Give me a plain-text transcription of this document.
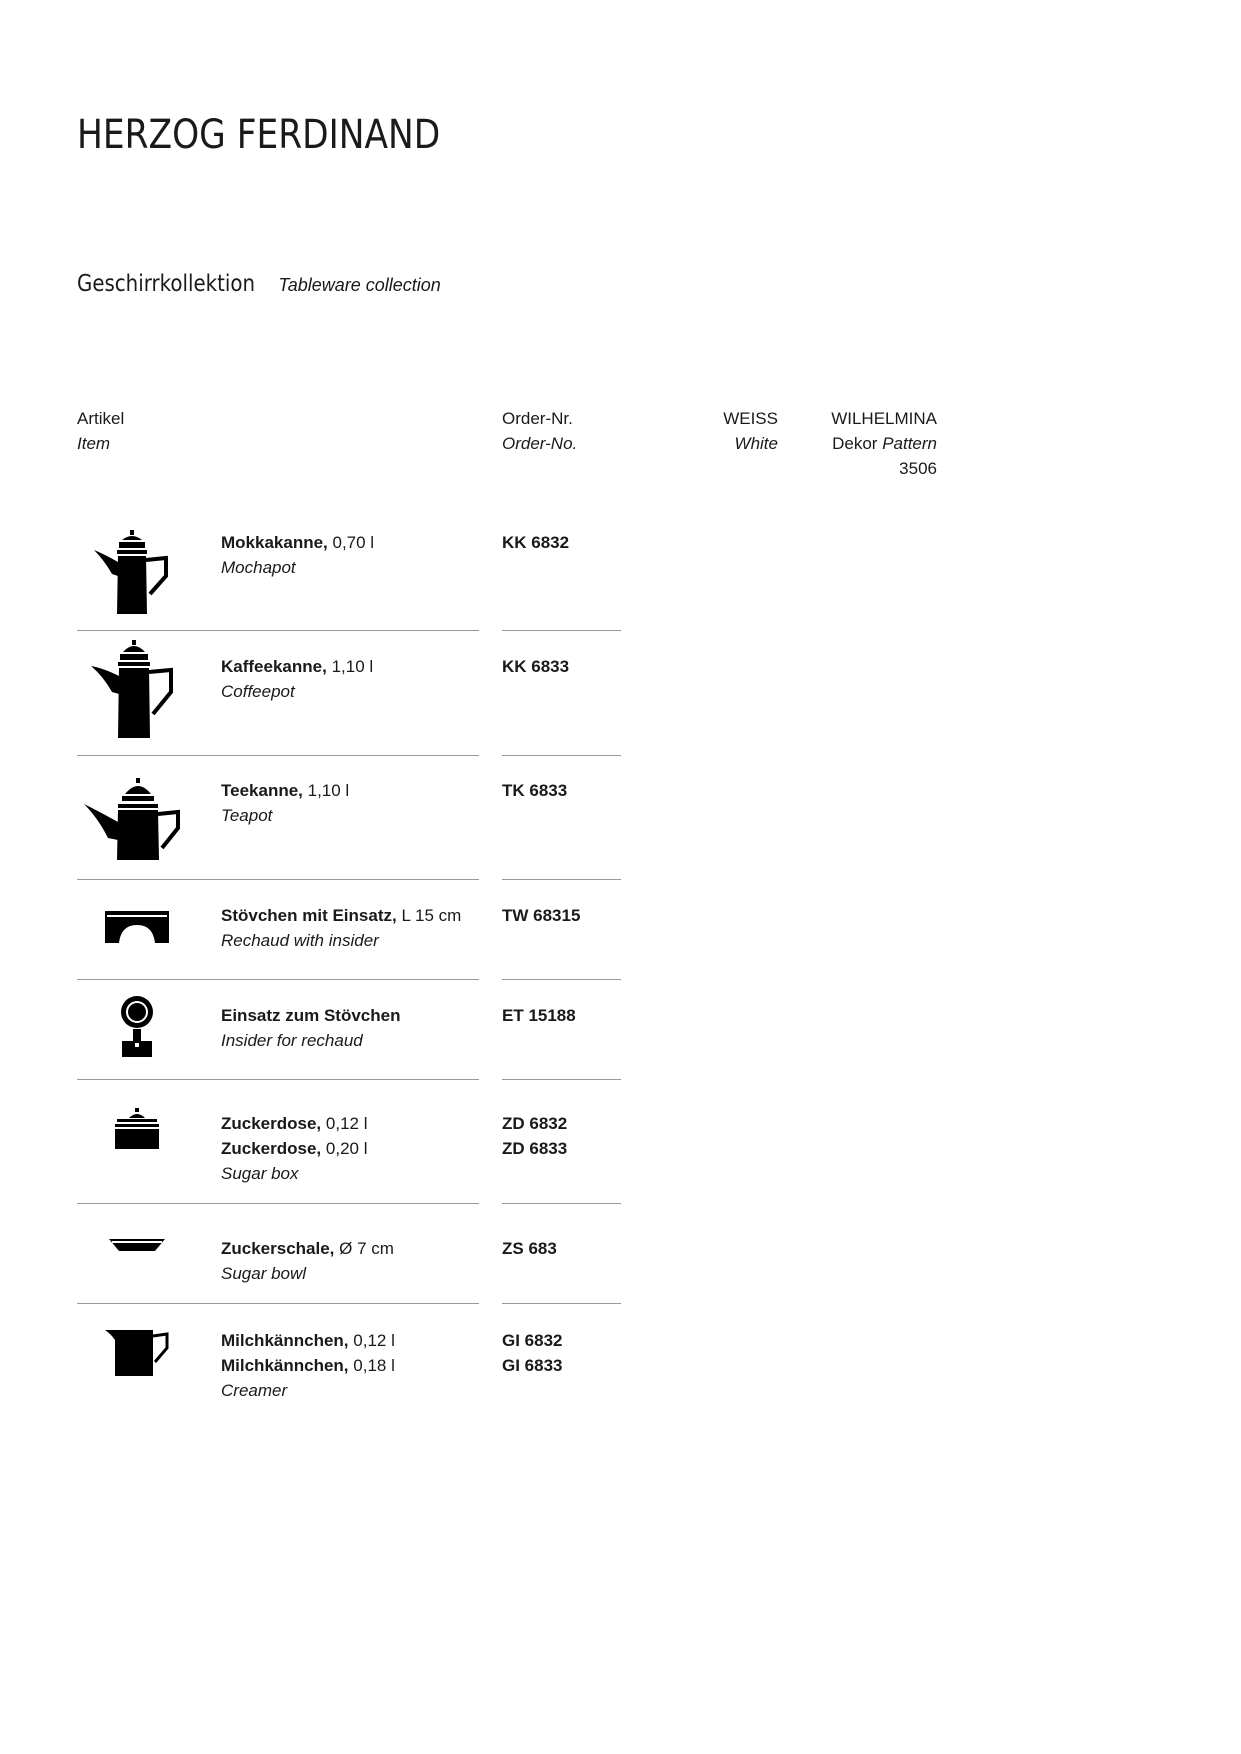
HERZOG FERDINAND
Geschirrkollektion Tableware collection
Artikel
Item
Order-Nr.
Order-No.
WEISS
White
WILHELMINA
Dekor Pattern
3506
Mokkakanne, 0,70 l
Mochapot
KK 6832
Kaffeekanne, 1,10 l
Coffeepot
KK 6833
Teekanne, 1,10 l
Teapot
TK 6833
Stövchen mit Einsatz, L 15 cm
Rechaud with insider
TW 68315
Einsatz zum Stövchen
Insider for rechaud
ET 15188
Zuckerdose, 0,12 l
Zuckerdose, 0,20 l
Sugar box
ZD 6832
ZD 6833
Zuckerschale, Ø 7 cm
Sugar bowl
ZS 683
Milchkännchen, 0,12 l
Milchkännchen, 0,18 l
Creamer
GI 6832
GI 6833
